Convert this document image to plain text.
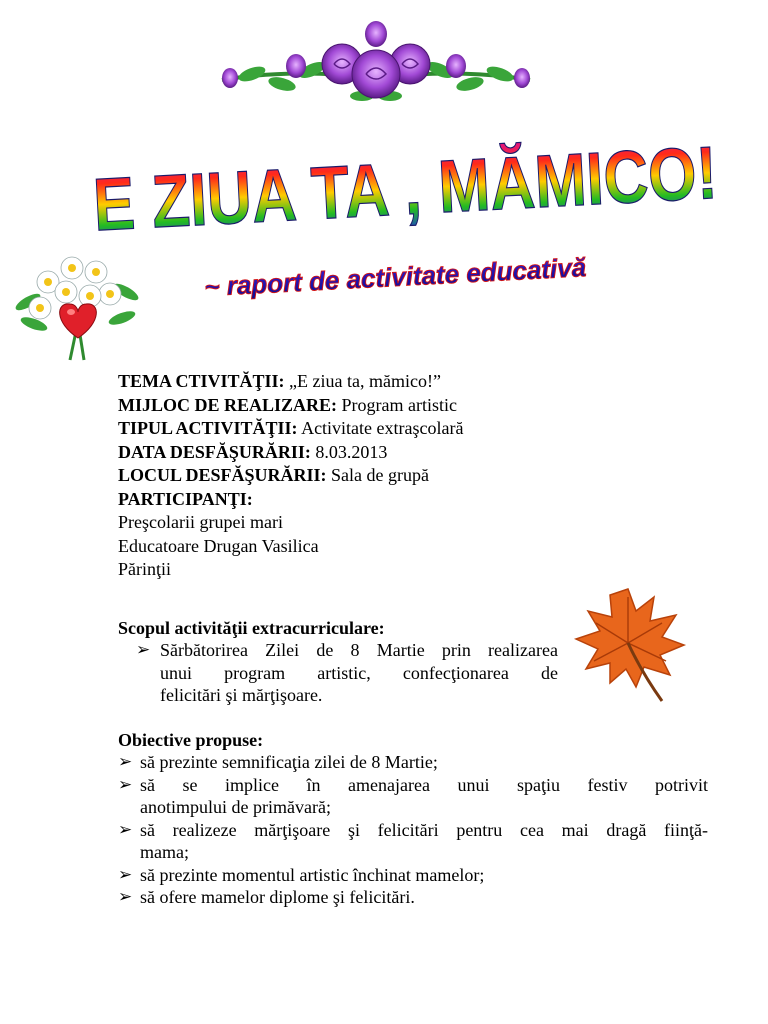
E ZIUA TA , MĂMICO!
~ raport de activitate educativă
TEMA CTIVITĂŢII: „E ziua ta, mămico!”
MIJLOC DE REALIZARE: Program artistic
TIPUL ACTIVITĂŢII: Activitate extraşcolară
DATA DESFĂŞURĂRII: 8.03.2013
LOCUL DESFĂŞURĂRII: Sala de grupă
PARTICIPANŢI:
Preşcolarii grupei mari
Educatoare Drugan Vasilica
Părinţii
Scopul activităţii extracurriculare:
➢ Sărbătorirea Zilei de 8 Martie prin realizarea
unui program artistic, confecţionarea de
felicitări şi mărţişoare.
Obiective propuse:
➢ să prezinte semnificaţia zilei de 8 Martie;
➢ să se implice în amenajarea unui spaţiu festiv potrivit
anotimpului de primăvară;
➢ să realizeze mărţişoare şi felicitări pentru cea mai dragă fiinţă-
mama;
➢ să prezinte momentul artistic închinat mamelor;
➢ să ofere mamelor diplome şi felicitări.
